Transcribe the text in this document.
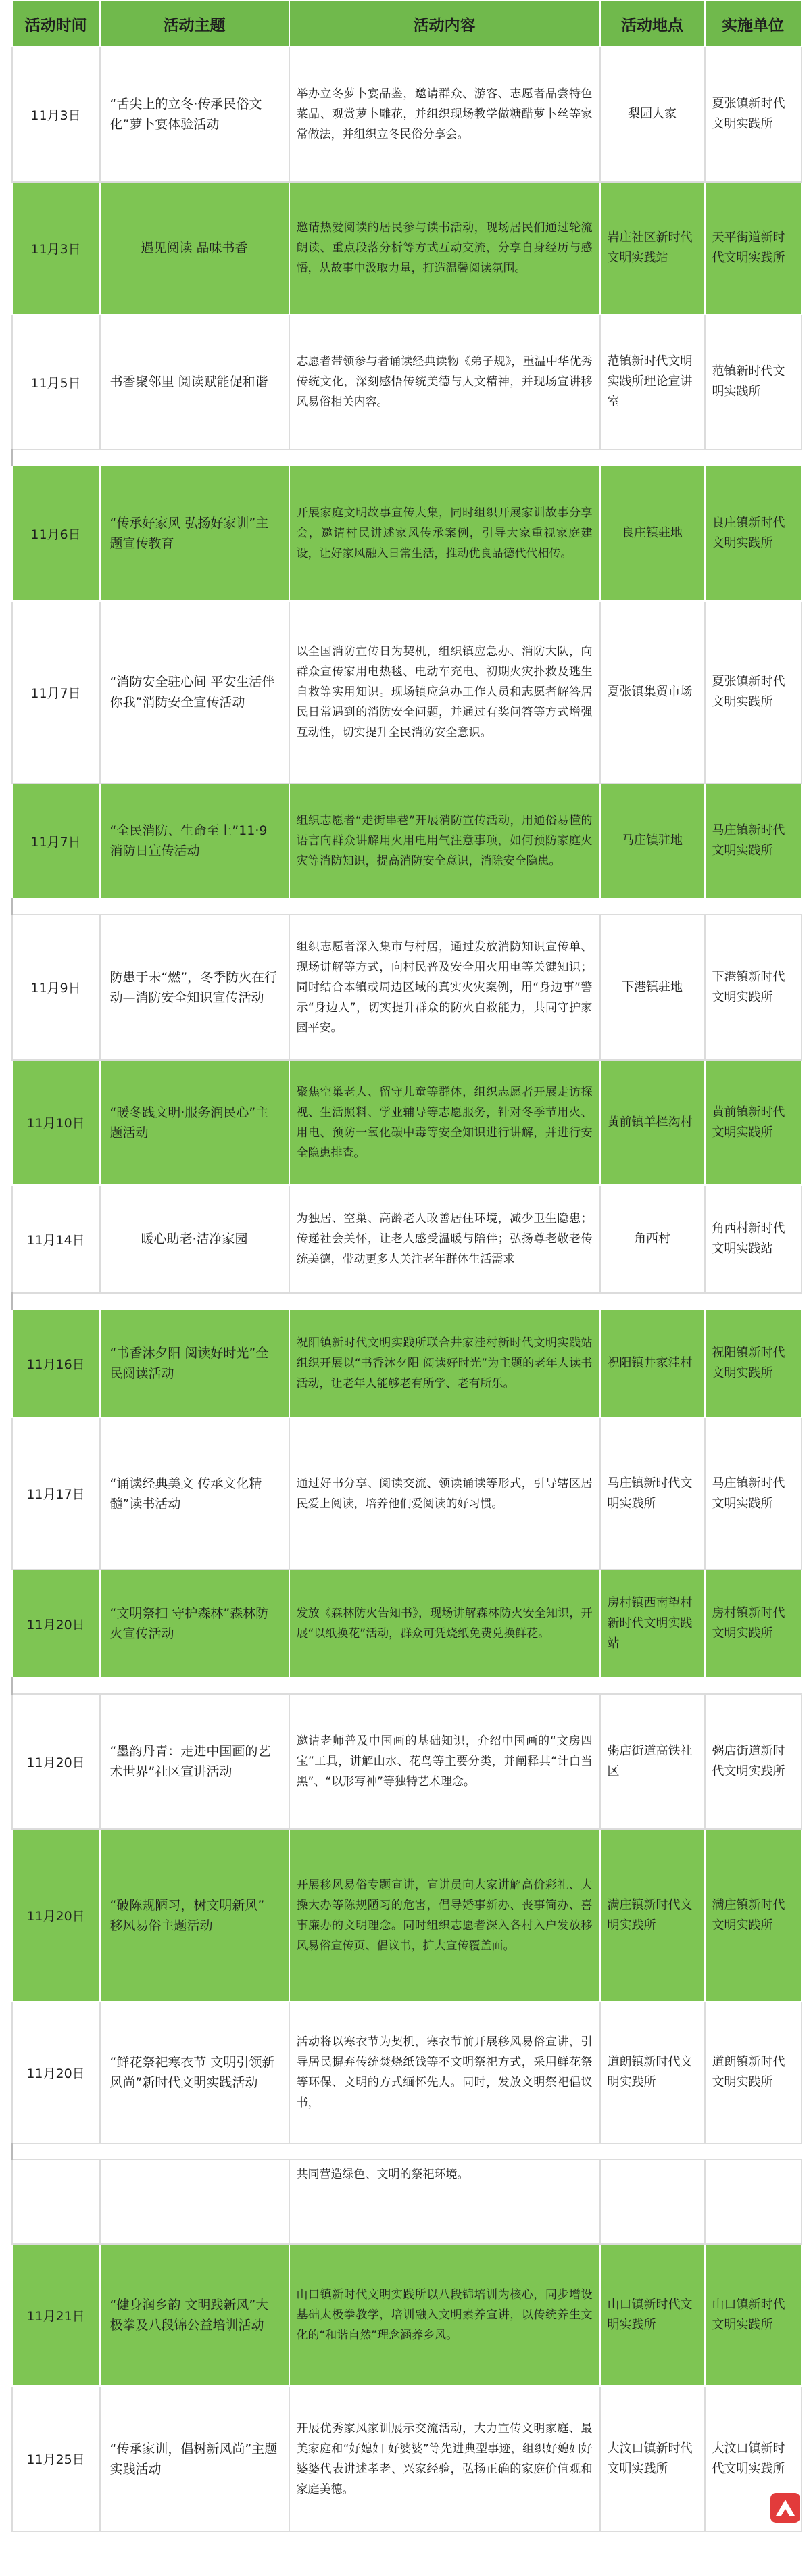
活动时间	活动主题	活动内容	活动地点	实施单位
11月3日	“舌尖上的立冬·传承民俗文化”萝卜宴体验活动	举办立冬萝卜宴品鉴，邀请群众、游客、志愿者品尝特色菜品、观赏萝卜雕花，并组织现场教学做糖醋萝卜丝等家常做法，并组织立冬民俗分享会。	梨园人家	夏张镇新时代文明实践所
11月3日	遇见阅读 品味书香	邀请热爱阅读的居民参与读书活动，现场居民们通过轮流朗读、重点段落分析等方式互动交流，分享自身经历与感悟，从故事中汲取力量，打造温馨阅读氛围。	岩庄社区新时代文明实践站	天平街道新时代文明实践所
11月5日	书香聚邻里 阅读赋能促和谐	志愿者带领参与者诵读经典读物《弟子规》，重温中华优秀传统文化，深刻感悟传统美德与人文精神，并现场宣讲移风易俗相关内容。	范镇新时代文明实践所理论宣讲室	范镇新时代文明实践所

11月6日	“传承好家风 弘扬好家训”主题宣传教育	开展家庭文明故事宣传大集，同时组织开展家训故事分享会，邀请村民讲述家风传承案例，引导大家重视家庭建设，让好家风融入日常生活，推动优良品德代代相传。	良庄镇驻地	良庄镇新时代文明实践所
11月7日	“消防安全驻心间 平安生活伴你我”消防安全宣传活动	以全国消防宣传日为契机，组织镇应急办、消防大队，向群众宣传家用电热毯、电动车充电、初期火灾扑救及逃生自救等实用知识。现场镇应急办工作人员和志愿者解答居民日常遇到的消防安全问题，并通过有奖问答等方式增强互动性，切实提升全民消防安全意识。	夏张镇集贸市场	夏张镇新时代文明实践所
11月7日	“全民消防、生命至上”11·9消防日宣传活动	组织志愿者“走街串巷”开展消防宣传活动，用通俗易懂的语言向群众讲解用火用电用气注意事项，如何预防家庭火灾等消防知识，提高消防安全意识，消除安全隐患。	马庄镇驻地	马庄镇新时代文明实践所

11月9日	防患于未“燃”，冬季防火在行动—消防安全知识宣传活动	组织志愿者深入集市与村居，通过发放消防知识宣传单、现场讲解等方式，向村民普及安全用火用电等关键知识；同时结合本镇或周边区域的真实火灾案例，用“身边事”警示“身边人”，切实提升群众的防火自救能力，共同守护家园平安。	下港镇驻地	下港镇新时代文明实践所
11月10日	“暖冬践文明·服务润民心”主题活动	聚焦空巢老人、留守儿童等群体，组织志愿者开展走访探视、生活照料、学业辅导等志愿服务，针对冬季节用火、用电、预防一氧化碳中毒等安全知识进行讲解，并进行安全隐患排查。	黄前镇羊栏沟村	黄前镇新时代文明实践所
11月14日	暖心助老·洁净家园	为独居、空巢、高龄老人改善居住环境，减少卫生隐患；传递社会关怀，让老人感受温暖与陪伴；弘扬尊老敬老传统美德，带动更多人关注老年群体生活需求	角西村	角西村新时代文明实践站

11月16日	“书香沐夕阳 阅读好时光”全民阅读活动	祝阳镇新时代文明实践所联合井家洼村新时代文明实践站组织开展以“书香沐夕阳 阅读好时光”为主题的老年人读书活动，让老年人能够老有所学、老有所乐。	祝阳镇井家洼村	祝阳镇新时代文明实践所
11月17日	“诵读经典美文 传承文化精髓”读书活动	通过好书分享、阅读交流、领读诵读等形式，引导辖区居民爱上阅读，培养他们爱阅读的好习惯。	马庄镇新时代文明实践所	马庄镇新时代文明实践所
11月20日	“文明祭扫 守护森林”森林防火宣传活动	发放《森林防火告知书》，现场讲解森林防火安全知识，开展“以纸换花”活动，群众可凭烧纸免费兑换鲜花。	房村镇西南望村新时代文明实践站	房村镇新时代文明实践所

11月20日	“墨韵丹青：走进中国画的艺术世界”社区宣讲活动	邀请老师普及中国画的基础知识，介绍中国画的“文房四宝”工具，讲解山水、花鸟等主要分类，并阐释其“计白当黑”、“以形写神”等独特艺术理念。	粥店街道高铁社区	粥店街道新时代文明实践所
11月20日	“破陈规陋习，树文明新风” 移风易俗主题活动	开展移风易俗专题宣讲，宣讲员向大家讲解高价彩礼、大操大办等陈规陋习的危害，倡导婚事新办、丧事简办、喜事廉办的文明理念。同时组织志愿者深入各村入户发放移风易俗宣传页、倡议书，扩大宣传覆盖面。	满庄镇新时代文明实践所	满庄镇新时代文明实践所
11月20日	“鲜花祭祀寒衣节 文明引领新风尚”新时代文明实践活动	活动将以寒衣节为契机，寒衣节前开展移风易俗宣讲，引导居民摒弃传统焚烧纸钱等不文明祭祀方式，采用鲜花祭等环保、文明的方式缅怀先人。同时，发放文明祭祀倡议书，	道朗镇新时代文明实践所	道朗镇新时代文明实践所

		共同营造绿色、文明的祭祀环境。		
11月21日	“健身润乡韵 文明践新风”大极拳及八段锦公益培训活动	山口镇新时代文明实践所以八段锦培训为核心，同步增设基础太极拳教学，培训融入文明素养宣讲，以传统养生文化的“和谐自然”理念涵养乡风。	山口镇新时代文明实践所	山口镇新时代文明实践所
11月25日	“传承家训，倡树新风尚”主题实践活动	开展优秀家风家训展示交流活动，大力宣传文明家庭、最美家庭和“好媳妇 好婆婆”等先进典型事迹，组织好媳妇好婆婆代表讲述孝老、兴家经验，弘扬正确的家庭价值观和家庭美德。	大汶口镇新时代文明实践所	大汶口镇新时代文明实践所
